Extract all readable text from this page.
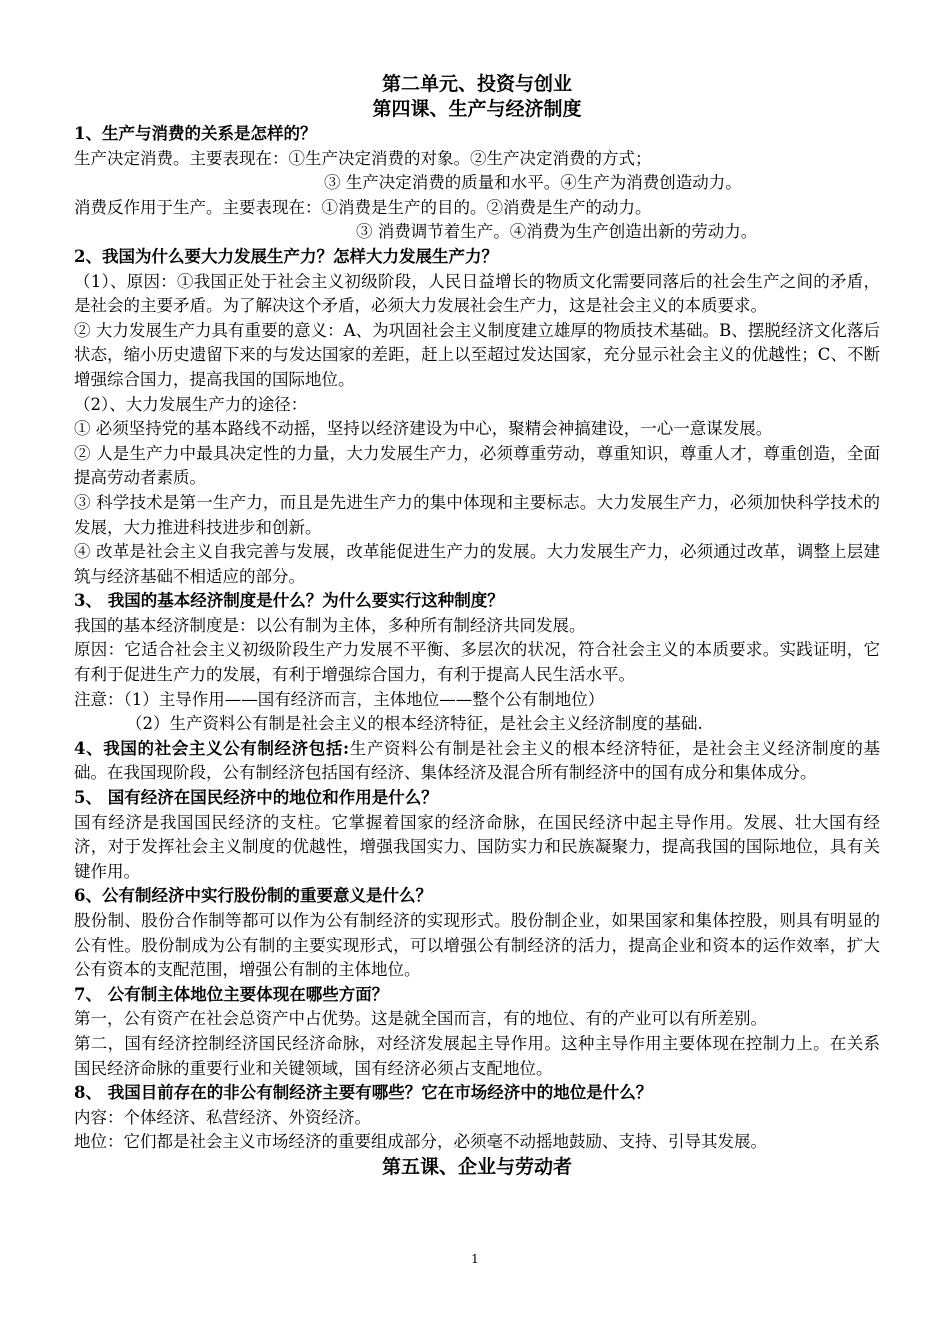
第二单元、投资与创业

第四课、生产与经济制度

1、生产与消费的关系是怎样的？

生产决定消费。主要表现在：①生产决定消费的对象。②生产决定消费的方式；

③ 生产决定消费的质量和水平。④生产为消费创造动力。

消费反作用于生产。主要表现在：①消费是生产的目的。②消费是生产的动力。

③ 消费调节着生产。④消费为生产创造出新的劳动力。

2、我国为什么要大力发展生产力？怎样大力发展生产力？

（1）、原因：①我国正处于社会主义初级阶段，人民日益增长的物质文化需要同落后的社会生产之间的矛盾，是社会的主要矛盾。为了解决这个矛盾，必须大力发展社会生产力，这是社会主义的本质要求。

② 大力发展生产力具有重要的意义：A、为巩固社会主义制度建立雄厚的物质技术基础。B、摆脱经济文化落后状态，缩小历史遗留下来的与发达国家的差距，赶上以至超过发达国家，充分显示社会主义的优越性；C、不断增强综合国力，提高我国的国际地位。

（2）、大力发展生产力的途径：

① 必须坚持党的基本路线不动摇，坚持以经济建设为中心，聚精会神搞建设，一心一意谋发展。

② 人是生产力中最具决定性的力量，大力发展生产力，必须尊重劳动，尊重知识，尊重人才，尊重创造，全面提高劳动者素质。

③ 科学技术是第一生产力，而且是先进生产力的集中体现和主要标志。大力发展生产力，必须加快科学技术的发展，大力推进科技进步和创新。

④ 改革是社会主义自我完善与发展，改革能促进生产力的发展。大力发展生产力，必须通过改革，调整上层建筑与经济基础不相适应的部分。

3、 我国的基本经济制度是什么？为什么要实行这种制度？

我国的基本经济制度是：以公有制为主体，多种所有制经济共同发展。

原因：它适合社会主义初级阶段生产力发展不平衡、多层次的状况，符合社会主义的本质要求。实践证明，它有利于促进生产力的发展，有利于增强综合国力，有利于提高人民生活水平。

注意：（1）主导作用——国有经济而言，主体地位——整个公有制地位）

（2）生产资料公有制是社会主义的根本经济特征，是社会主义经济制度的基础.

4、我国的社会主义公有制经济包括:生产资料公有制是社会主义的根本经济特征，是社会主义经济制度的基础。在我国现阶段，公有制经济包括国有经济、集体经济及混合所有制经济中的国有成分和集体成分。

5、 国有经济在国民经济中的地位和作用是什么？

国有经济是我国国民经济的支柱。它掌握着国家的经济命脉，在国民经济中起主导作用。发展、壮大国有经济，对于发挥社会主义制度的优越性，增强我国实力、国防实力和民族凝聚力，提高我国的国际地位，具有关键作用。

6、公有制经济中实行股份制的重要意义是什么？

股份制、股份合作制等都可以作为公有制经济的实现形式。股份制企业，如果国家和集体控股，则具有明显的公有性。股份制成为公有制的主要实现形式，可以增强公有制经济的活力，提高企业和资本的运作效率，扩大公有资本的支配范围，增强公有制的主体地位。

7、 公有制主体地位主要体现在哪些方面？

第一，公有资产在社会总资产中占优势。这是就全国而言，有的地位、有的产业可以有所差别。

第二，国有经济控制经济国民经济命脉，对经济发展起主导作用。这种主导作用主要体现在控制力上。在关系国民经济命脉的重要行业和关键领域，国有经济必须占支配地位。

8、 我国目前存在的非公有制经济主要有哪些？它在市场经济中的地位是什么？

内容：个体经济、私营经济、外资经济。

地位：它们都是社会主义市场经济的重要组成部分，必须毫不动摇地鼓励、支持、引导其发展。

第五课、企业与劳动者

1
